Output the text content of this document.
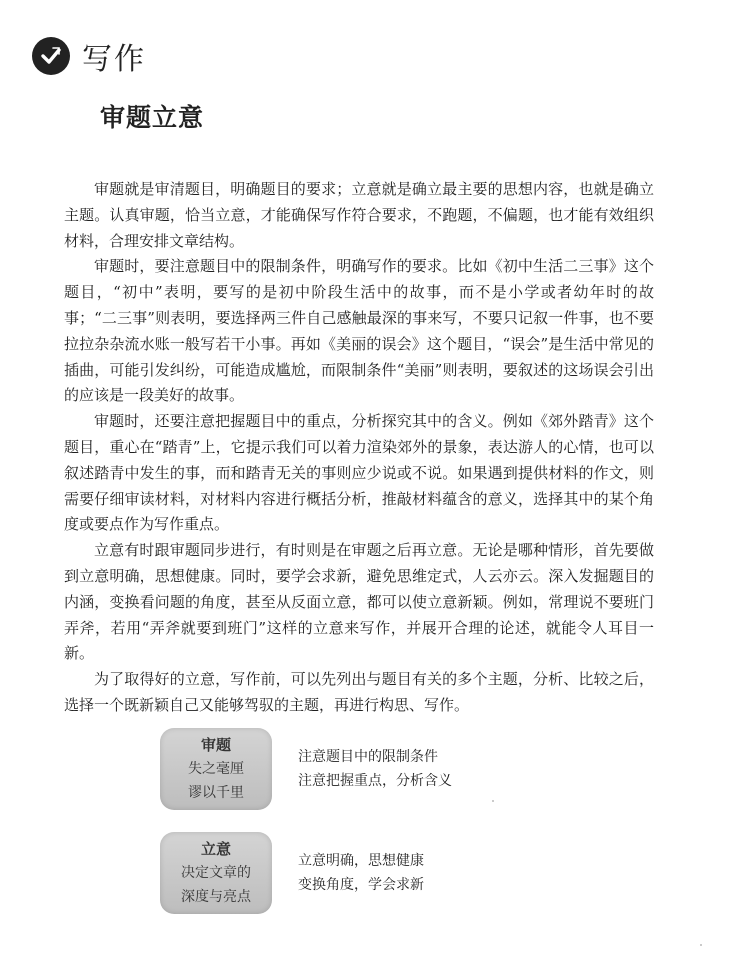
写作
审题立意

审题就是审清题目，明确题目的要求；立意就是确立最主要的思想内容，也就是确立主题。认真审题，恰当立意，才能确保写作符合要求，不跑题，不偏题，也才能有效组织材料，合理安排文章结构。

审题时，要注意题目中的限制条件，明确写作的要求。比如《初中生活二三事》这个题目，“初中”表明，要写的是初中阶段生活中的故事，而不是小学或者幼年时的故事；“二三事”则表明，要选择两三件自己感触最深的事来写，不要只记叙一件事，也不要拉拉杂杂流水账一般写若干小事。再如《美丽的误会》这个题目，“误会”是生活中常见的插曲，可能引发纠纷，可能造成尴尬，而限制条件“美丽”则表明，要叙述的这场误会引出的应该是一段美好的故事。

审题时，还要注意把握题目中的重点，分析探究其中的含义。例如《郊外踏青》这个题目，重心在“踏青”上，它提示我们可以着力渲染郊外的景象，表达游人的心情，也可以叙述踏青中发生的事，而和踏青无关的事则应少说或不说。如果遇到提供材料的作文，则需要仔细审读材料，对材料内容进行概括分析，推敲材料蕴含的意义，选择其中的某个角度或要点作为写作重点。

立意有时跟审题同步进行，有时则是在审题之后再立意。无论是哪种情形，首先要做到立意明确，思想健康。同时，要学会求新，避免思维定式，人云亦云。深入发掘题目的内涵，变换看问题的角度，甚至从反面立意，都可以使立意新颖。例如，常理说不要班门弄斧，若用“弄斧就要到班门”这样的立意来写作，并展开合理的论述，就能令人耳目一新。

为了取得好的立意，写作前，可以先列出与题目有关的多个主题，分析、比较之后，选择一个既新颖自己又能够驾驭的主题，再进行构思、写作。

审题
失之毫厘
谬以千里
注意题目中的限制条件
注意把握重点，分析含义
立意
决定文章的
深度与亮点
立意明确，思想健康
变换角度，学会求新
